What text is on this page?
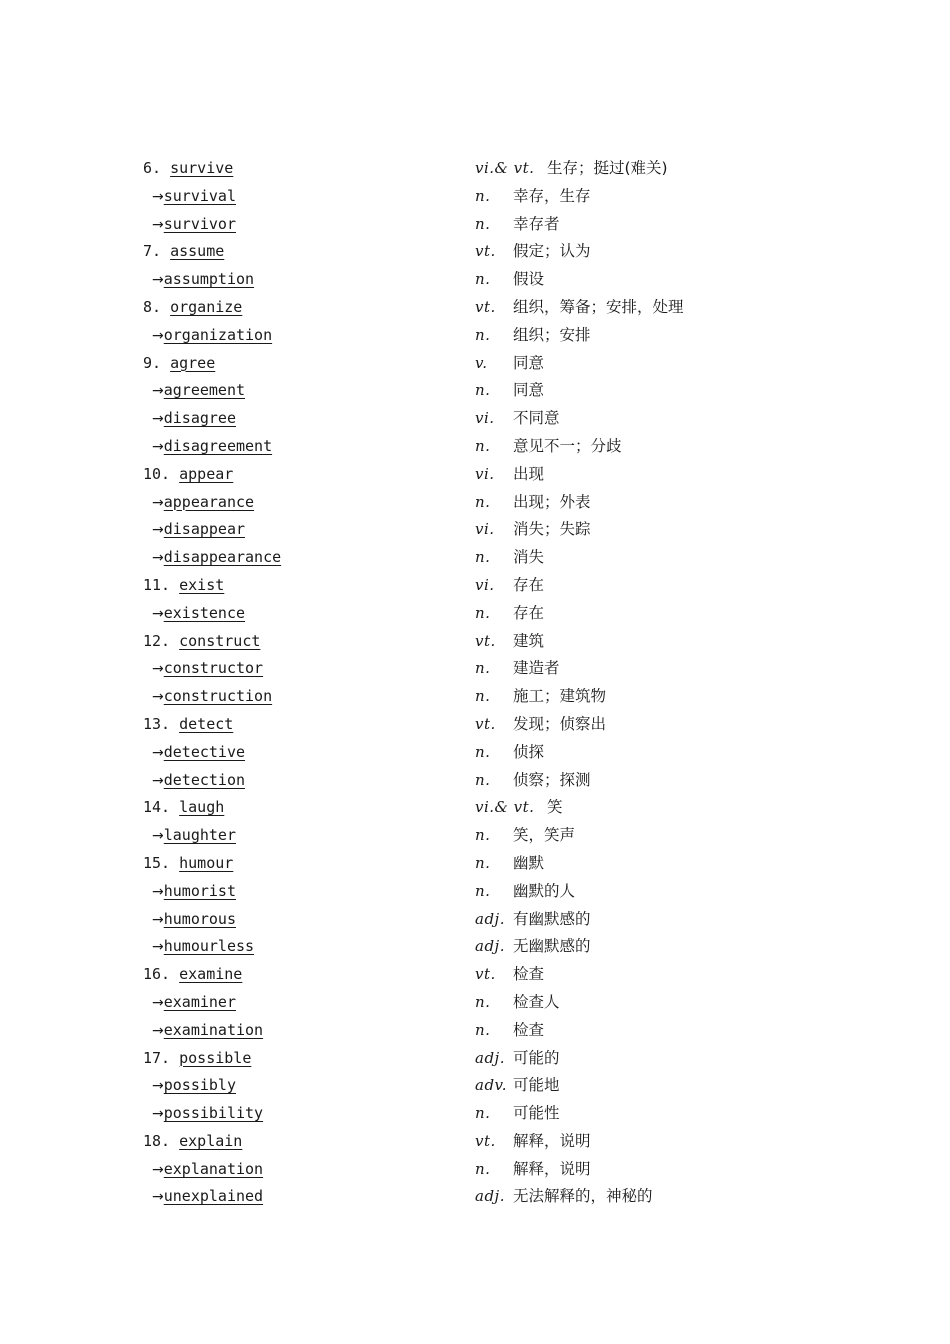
6. survive	vi.& vt. 生存；挺过(难关)
→survival	n. 幸存，生存
→survivor	n. 幸存者
7. assume	vt. 假定；认为
→assumption	n. 假设
8. organize	vt. 组织，筹备；安排，处理
→organization	n. 组织；安排
9. agree	v. 同意
→agreement	n. 同意
→disagree	vi. 不同意
→disagreement	n. 意见不一；分歧
10. appear	vi. 出现
→appearance	n. 出现；外表
→disappear	vi. 消失；失踪
→disappearance	n. 消失
11. exist	vi. 存在
→existence	n. 存在
12. construct	vt. 建筑
→constructor	n. 建造者
→construction	n. 施工；建筑物
13. detect	vt. 发现；侦察出
→detective	n. 侦探
→detection	n. 侦察；探测
14. laugh	vi.& vt. 笑
→laughter	n. 笑，笑声
15. humour	n. 幽默
→humorist	n. 幽默的人
→humorous	adj. 有幽默感的
→humourless	adj. 无幽默感的
16. examine	vt. 检查
→examiner	n. 检查人
→examination	n. 检查
17. possible	adj. 可能的
→possibly	adv. 可能地
→possibility	n. 可能性
18. explain	vt. 解释，说明
→explanation	n. 解释，说明
→unexplained	adj. 无法解释的，神秘的
